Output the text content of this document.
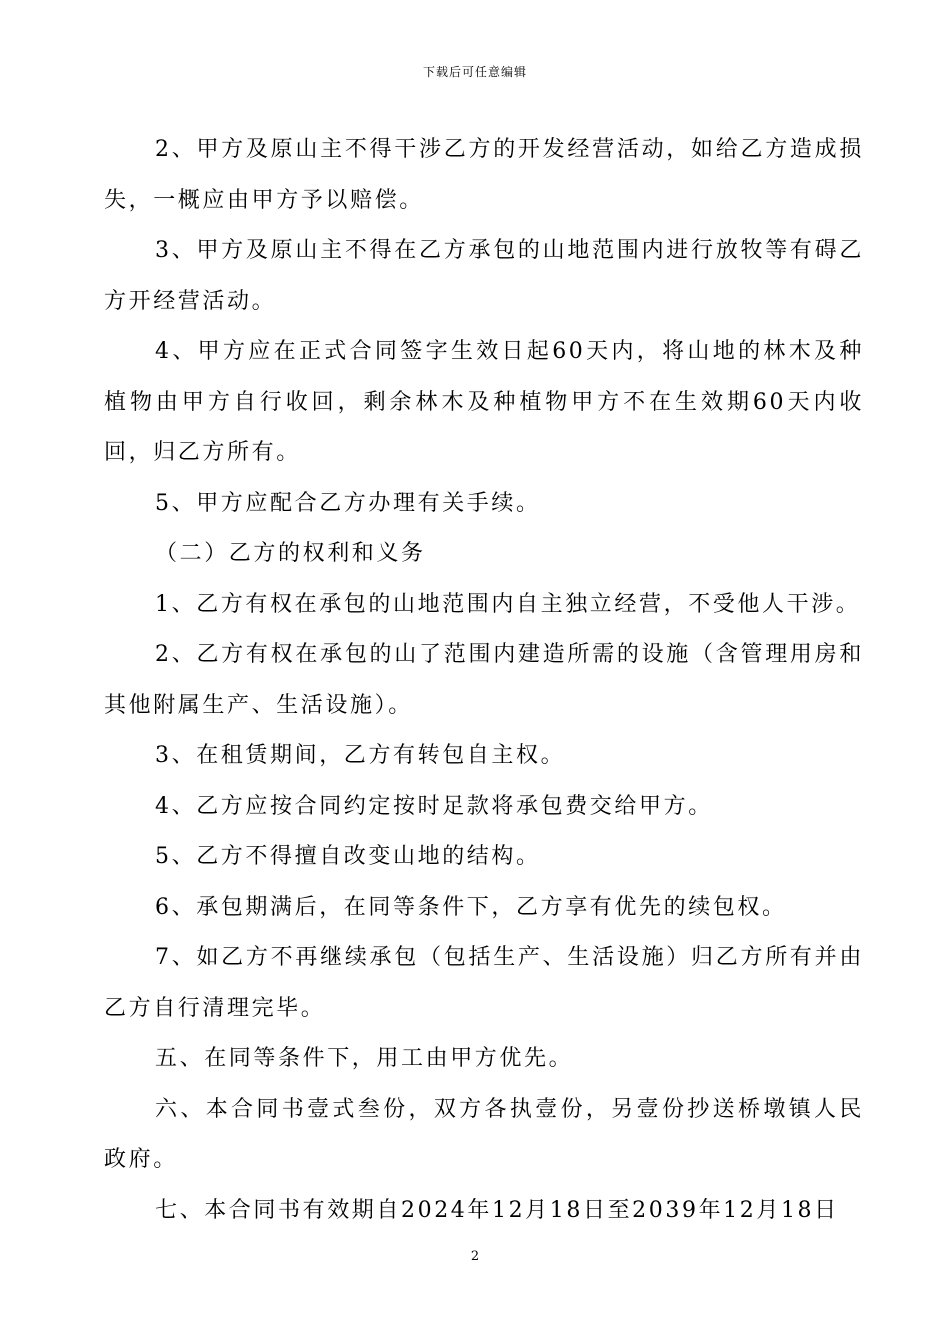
下载后可任意编辑

2、甲方及原山主不得干涉乙方的开发经营活动，如给乙方造成损失，一概应由甲方予以赔偿。

3、甲方及原山主不得在乙方承包的山地范围内进行放牧等有碍乙方开经营活动。

4、甲方应在正式合同签字生效日起60天内，将山地的林木及种植物由甲方自行收回，剩余林木及种植物甲方不在生效期60天内收回，归乙方所有。

5、甲方应配合乙方办理有关手续。

（二）乙方的权利和义务

1、乙方有权在承包的山地范围内自主独立经营，不受他人干涉。

2、乙方有权在承包的山了范围内建造所需的设施（含管理用房和其他附属生产、生活设施）。

3、在租赁期间，乙方有转包自主权。

4、乙方应按合同约定按时足款将承包费交给甲方。

5、乙方不得擅自改变山地的结构。

6、承包期满后，在同等条件下，乙方享有优先的续包权。

7、如乙方不再继续承包（包括生产、生活设施）归乙方所有并由乙方自行清理完毕。

五、在同等条件下，用工由甲方优先。

六、本合同书壹式叁份，双方各执壹份，另壹份抄送桥墩镇人民政府。

七、本合同书有效期自2024年12月18日至2039年12月18日

2
